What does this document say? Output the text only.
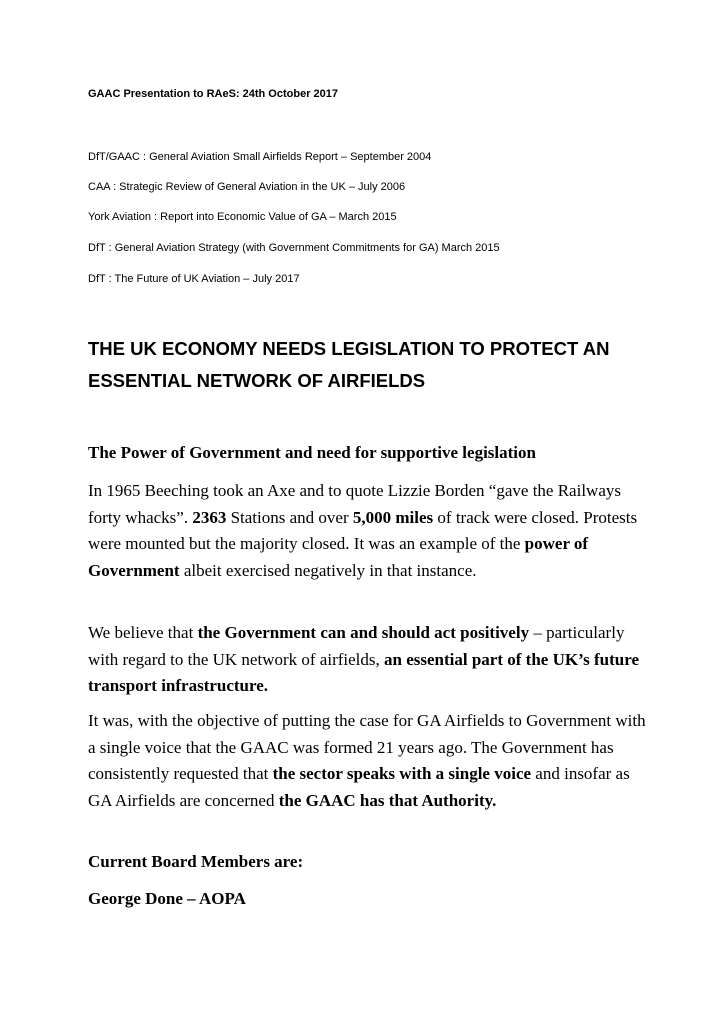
GAAC Presentation to RAeS: 24th October 2017
DfT/GAAC : General Aviation Small Airfields Report – September 2004
CAA : Strategic Review of General Aviation in the UK – July 2006
York Aviation : Report into Economic Value of GA – March 2015
DfT : General Aviation Strategy (with Government Commitments for GA) March 2015
DfT : The Future of UK Aviation – July 2017
THE UK ECONOMY NEEDS LEGISLATION TO PROTECT AN ESSENTIAL NETWORK OF AIRFIELDS
The Power of Government and need for supportive legislation

In 1965 Beeching took an Axe and to quote Lizzie Borden “gave the Railways forty whacks”. 2363 Stations and over 5,000 miles of track were closed. Protests were mounted but the majority closed. It was an example of the power of Government albeit exercised negatively in that instance.

We believe that the Government can and should act positively – particularly with regard to the UK network of airfields, an essential part of the UK’s future transport infrastructure.

It was, with the objective of putting the case for GA Airfields to Government with a single voice that the GAAC was formed 21 years ago. The Government has consistently requested that the sector speaks with a single voice and insofar as GA Airfields are concerned the GAAC has that Authority.

Current Board Members are:
George Done – AOPA
